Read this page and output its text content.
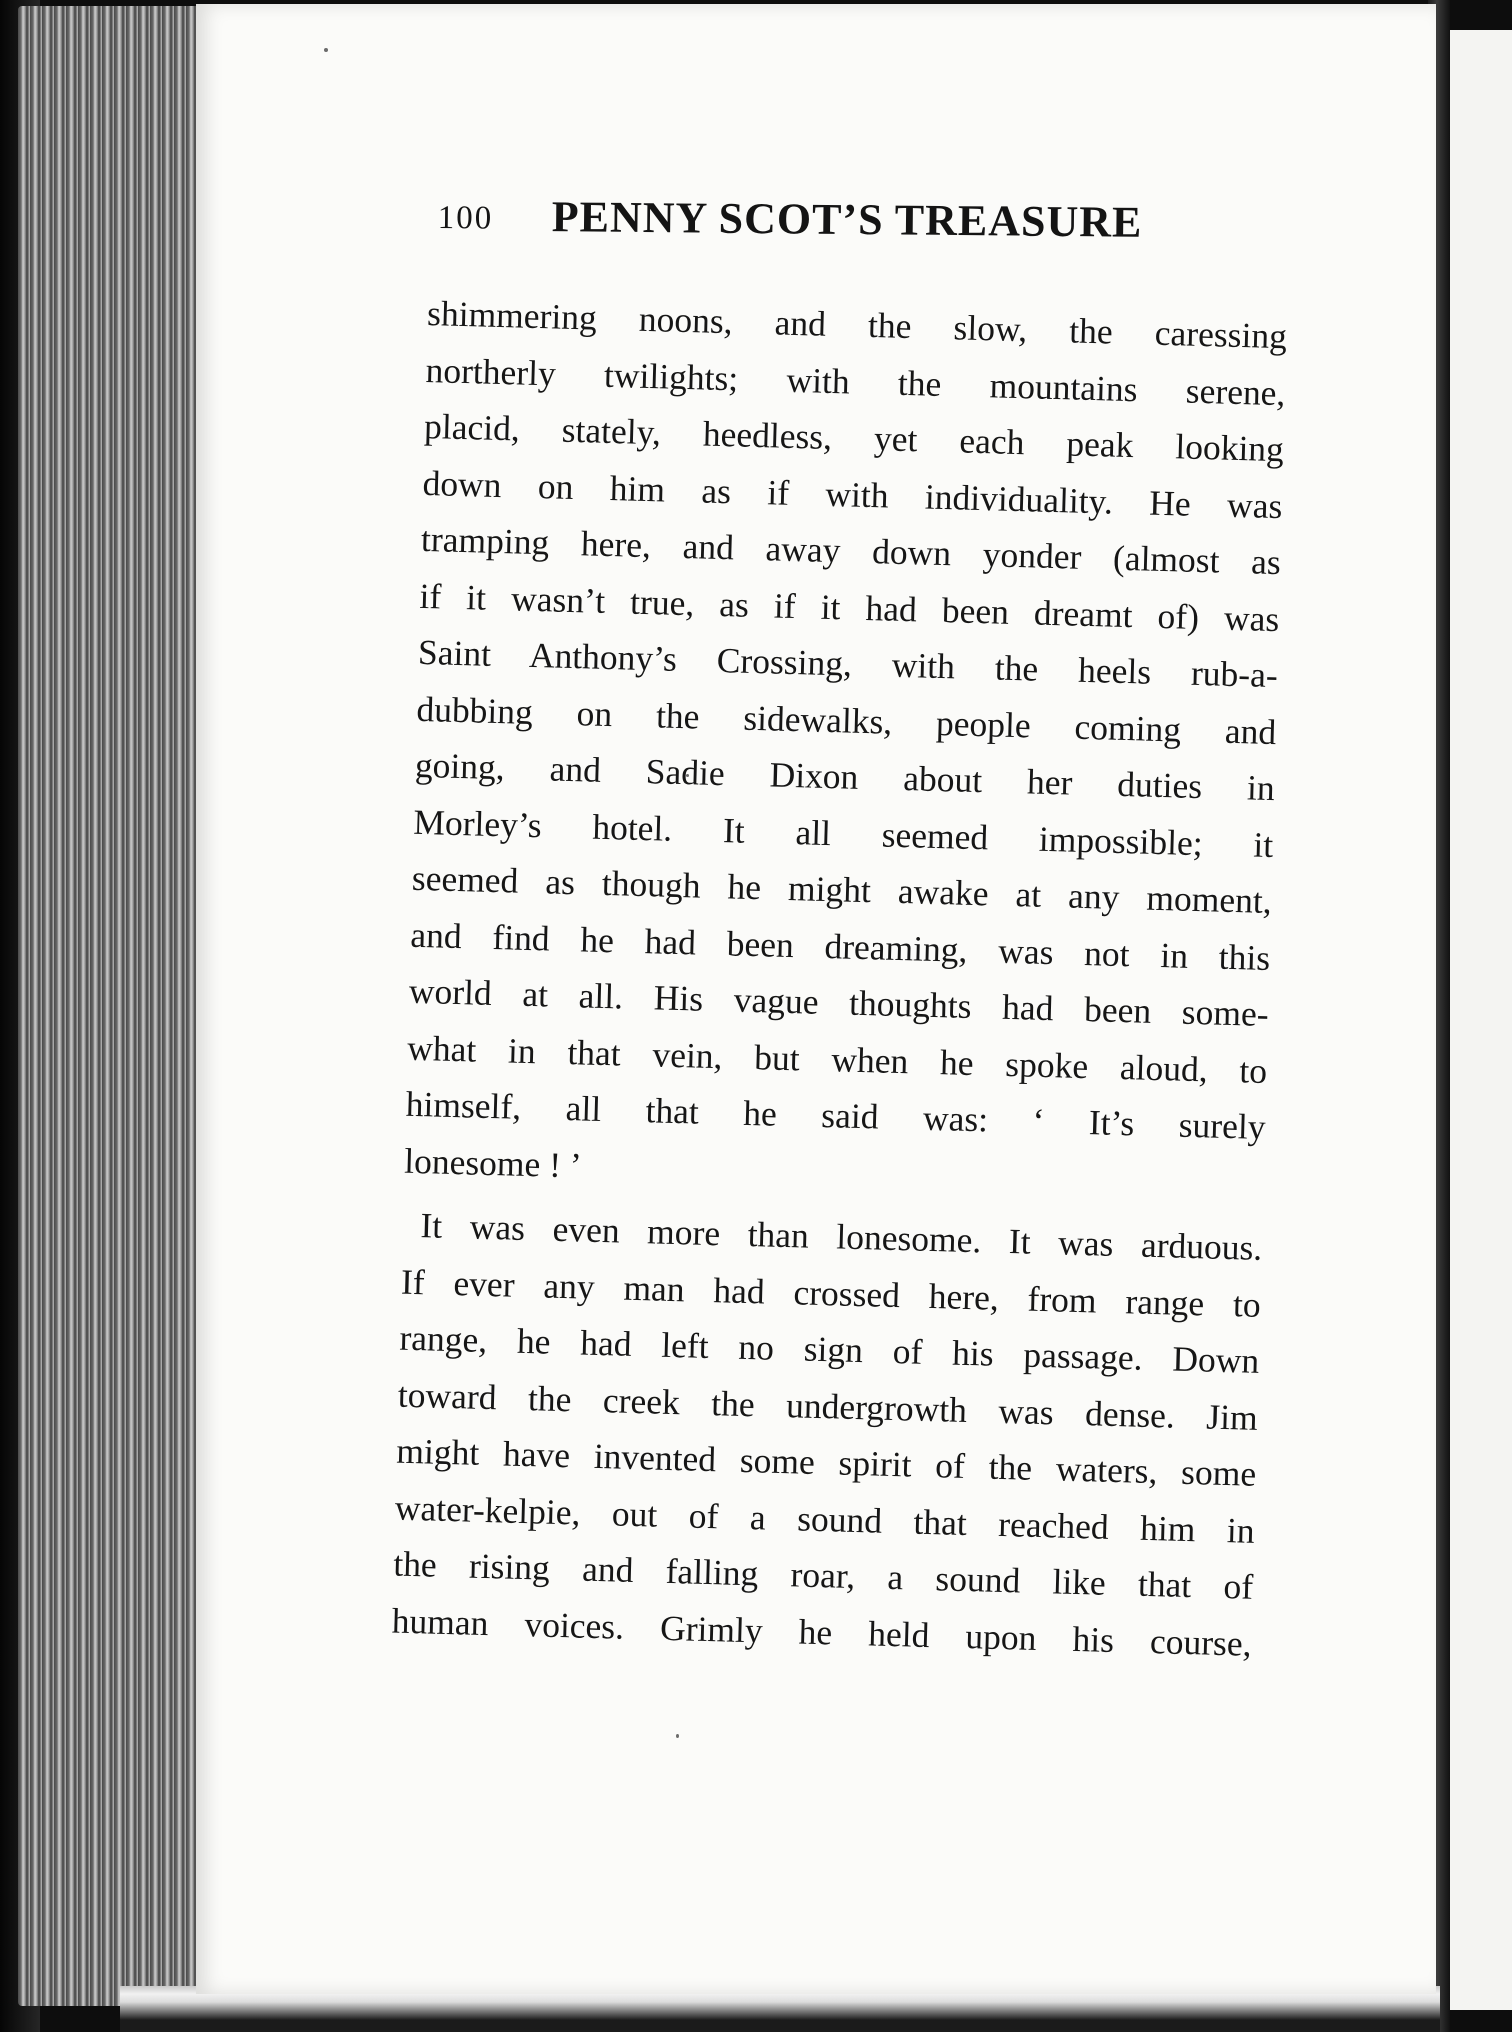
100 PENNY SCOT’S TREASURE
shimmering noons, and the slow, the caressing
northerly twilights; with the mountains serene,
placid, stately, heedless, yet each peak looking
down on him as if with individuality. He was
tramping here, and away down yonder (almost as
if it wasn’t true, as if it had been dreamt of) was
Saint Anthony’s Crossing, with the heels rub-a-
dubbing on the sidewalks, people coming and
going, and Sadie Dixon about her duties in
Morley’s hotel. It all seemed impossible; it
seemed as though he might awake at any moment,
and find he had been dreaming, was not in this
world at all. His vague thoughts had been some-
what in that vein, but when he spoke aloud, to
himself, all that he said was: ‘ It’s surely
lonesome ! ’
It was even more than lonesome. It was arduous.
If ever any man had crossed here, from range to
range, he had left no sign of his passage. Down
toward the creek the undergrowth was dense. Jim
might have invented some spirit of the waters, some
water-kelpie, out of a sound that reached him in
the rising and falling roar, a sound like that of
human voices. Grimly he held upon his course,
